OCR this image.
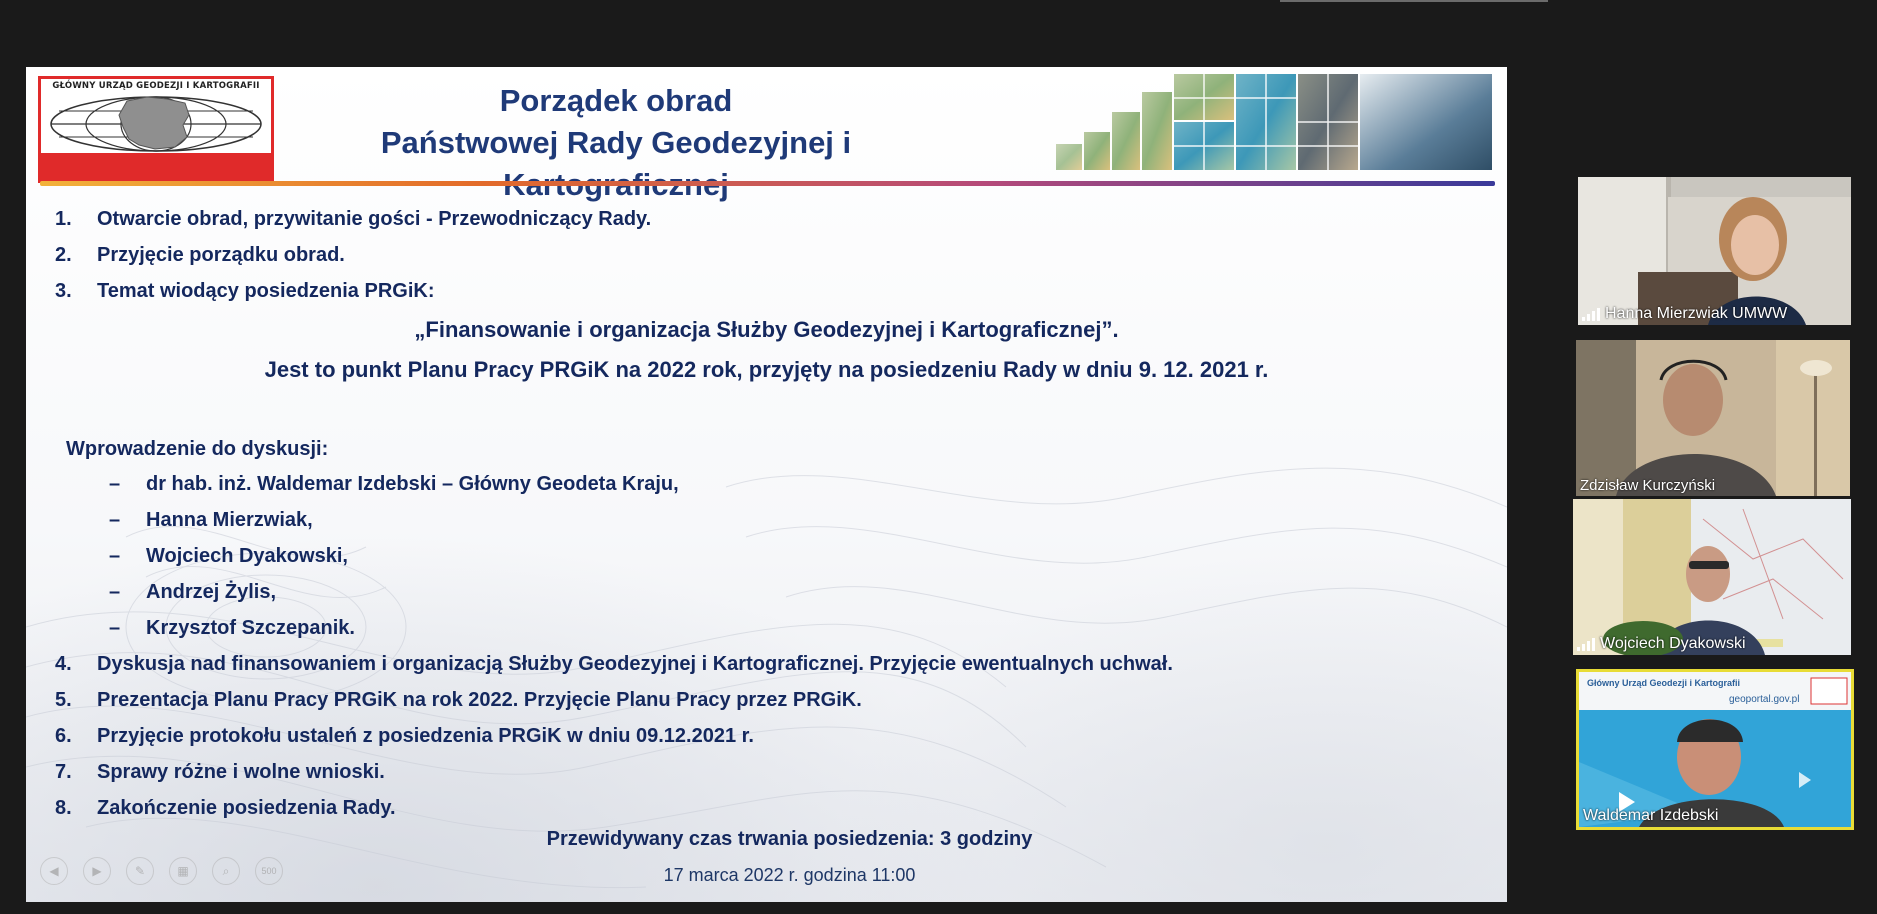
GŁÓWNY URZĄD GEODEZJI I KARTOGRAFII	Porządek obrad
Państwowej Rady Geodezyjnej i
1.	Otwarcie obrad, przywitanie gości - Przewodniczący Rady.
2.	Przyjęcie porządku obrad.
3.	Temat wiodący posiedzenia PRGiK:
„Finansowanie i organizacja Służby Geodezyjnej i Kartograficznej”.
Jest to punkt Planu Pracy PRGiK na 2022 rok, przyjęty na posiedzeniu Rady w dniu 9. 12. 2021 r.
Wprowadzenie do dyskusji:
– dr hab. inż. Waldemar Izdebski – Główny Geodeta Kraju,
– Hanna Mierzwiak,
– Wojciech Dyakowski,
– Andrzej Żylis,
– Krzysztof Szczepanik.
4.	Dyskusja nad finansowaniem i organizacją Służby Geodezyjnej i Kartograficznej. Przyjęcie ewentualnych uchwał.
5.	Prezentacja Planu Pracy PRGiK na rok 2022. Przyjęcie Planu Pracy przez PRGiK.
6.	Przyjęcie protokołu ustaleń z posiedzenia PRGiK w dniu 09.12.2021 r.
7.	Sprawy różne i wolne wnioski.
8.	Zakończenie posiedzenia Rady.
Przewidywany czas trwania posiedzenia: 3 godziny
17 marca 2022 r. godzina 11:00
◀	▶	✎	▦	⌕	500
Hanna Mierzwiak UMWW
Zdzisław Kurczyński
Wojciech Dyakowski
Główny Urząd Geodezji i Kartografii
geoportal.gov.pl
Waldemar Izdebski
